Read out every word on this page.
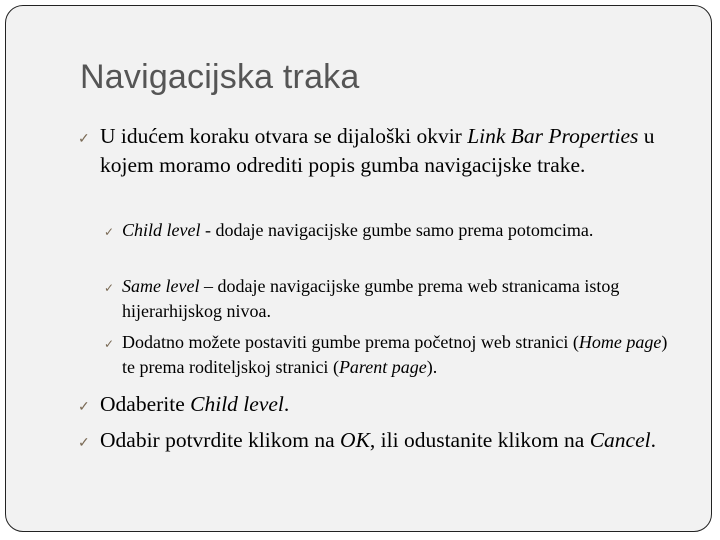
Navigacijska traka
✓ U idućem koraku otvara se dijaloški okvir Link Bar Properties u kojem moramo odrediti popis gumba navigacijske trake.
✓ Child level - dodaje navigacijske gumbe samo prema potomcima.
✓ Same level – dodaje navigacijske gumbe prema web stranicama istog hijerarhijskog nivoa.
✓ Dodatno možete postaviti gumbe prema početnoj web stranici (Home page) te prema roditeljskoj stranici (Parent page).
✓ Odaberite Child level.
✓ Odabir potvrdite klikom na OK, ili odustanite klikom na Cancel.
